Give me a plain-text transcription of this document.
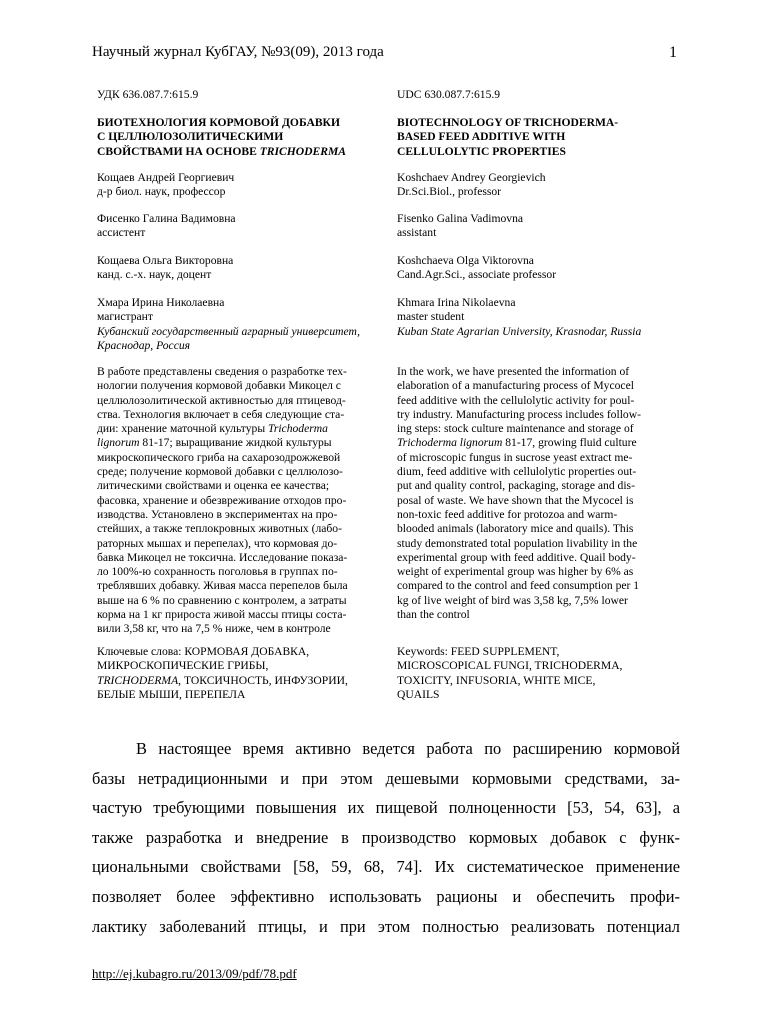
Научный журнал КубГАУ, №93(09), 2013 года	1
УДК 636.087.7:615.9	UDC 630.087.7:615.9
БИОТЕХНОЛОГИЯ КОРМОВОЙ ДОБАВКИ
С ЦЕЛЛЮЛОЗОЛИТИЧЕСКИМИ
СВОЙСТВАМИ НА ОСНОВЕ TRICHODERMA
BIOTECHNOLOGY OF TRICHODERMA-
BASED FEED ADDITIVE WITH
CELLULOLYTIC PROPERTIES
Кощаев Андрей Георгиевич
д-р биол. наук, профессор
Фисенко Галина Вадимовна
ассистент
Кощаева Ольга Викторовна
канд. с.-х. наук, доцент
Хмара Ирина Николаевна
магистрант
Кубанский государственный аграрный университет,
Краснодар, Россия
Koshchaev Andrey Georgievich
Dr.Sci.Biol., professor
Fisenko Galina Vadimovna
assistant
Koshchaeva Olga Viktorovna
Cand.Agr.Sci., associate professor
Khmara Irina Nikolaevna
master student
Kuban State Agrarian University, Krasnodar, Russia
В работе представлены сведения о разработке тех-
нологии получения кормовой добавки Микоцел с
целлюлозолитической активностью для птицевод-
ства. Технология включает в себя следующие ста-
дии: хранение маточной культуры Trichoderma
lignorum 81-17; выращивание жидкой культуры
микроскопического гриба на сахарозодрожжевой
среде; получение кормовой добавки с целлюлозо-
литическими свойствами и оценка ее качества;
фасовка, хранение и обезвреживание отходов про-
изводства. Установлено в экспериментах на про-
стейших, а также теплокровных животных (лабо-
раторных мышах и перепелах), что кормовая до-
бавка Микоцел не токсична. Исследование показа-
ло 100%-ю сохранность поголовья в группах по-
треблявших добавку. Живая масса перепелов была
выше на 6 % по сравнению с контролем, а затраты
корма на 1 кг прироста живой массы птицы соста-
вили 3,58 кг, что на 7,5 % ниже, чем в контроле
In the work, we have presented the information of
elaboration of a manufacturing process of Mycocel
feed additive with the cellulolytic activity for poul-
try industry. Manufacturing process includes follow-
ing steps: stock culture maintenance and storage of
Trichoderma lignorum 81-17, growing fluid culture
of microscopic fungus in sucrose yeast extract me-
dium, feed additive with cellulolytic properties out-
put and quality control, packaging, storage and dis-
posal of waste. We have shown that the Mycocel is
non-toxic feed additive for protozoa and warm-
blooded animals (laboratory mice and quails). This
study demonstrated total population livability in the
experimental group with feed additive. Quail body-
weight of experimental group was higher by 6% as
compared to the control and feed consumption per 1
kg of live weight of bird was 3,58 kg, 7,5% lower
than the control
Ключевые слова: КОРМОВАЯ ДОБАВКА,
МИКРОСКОПИЧЕСКИЕ ГРИБЫ,
TRICHODERMA, ТОКСИЧНОСТЬ, ИНФУЗОРИИ,
БЕЛЫЕ МЫШИ, ПЕРЕПЕЛА
Keywords: FEED SUPPLEMENT,
MICROSCOPICAL FUNGI, TRICHODERMA,
TOXICITY, INFUSORIA, WHITE MICE,
QUAILS
В настоящее время активно ведется работа по расширению кормовой
базы нетрадиционными и при этом дешевыми кормовыми средствами, за-
частую требующими повышения их пищевой полноценности [53, 54, 63], а
также разработка и внедрение в производство кормовых добавок с функ-
циональными свойствами [58, 59, 68, 74]. Их систематическое применение
позволяет более эффективно использовать рационы и обеспечить профи-
лактику заболеваний птицы, и при этом полностью реализовать потенциал
http://ej.kubagro.ru/2013/09/pdf/78.pdf
